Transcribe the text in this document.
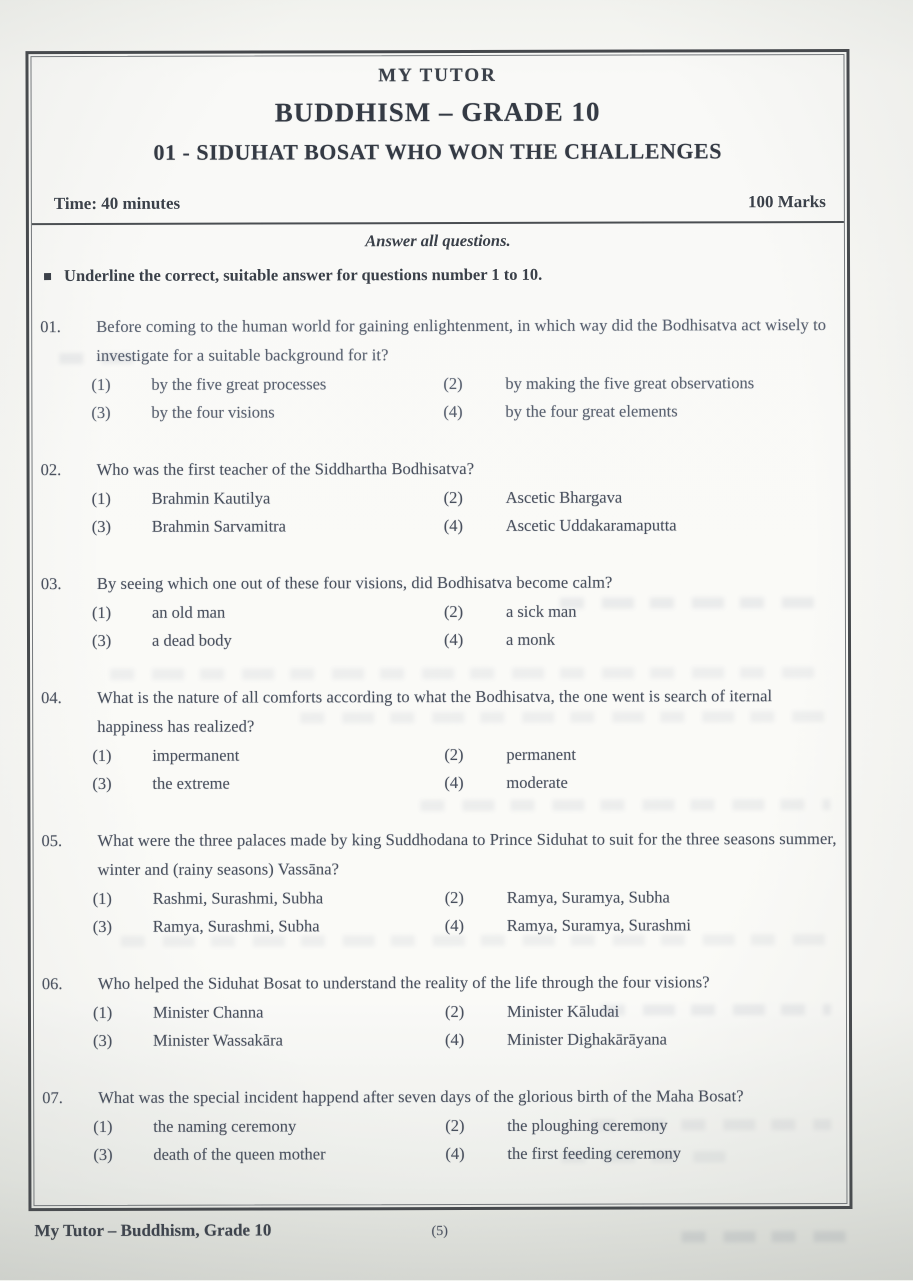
MY TUTOR
BUDDHISM – GRADE 10
01 - SIDUHAT BOSAT WHO WON THE CHALLENGES
Time: 40 minutes	100 Marks
Answer all questions.
Underline the correct, suitable answer for questions number 1 to 10.
01.	Before coming to the human world for gaining enlightenment, in which way did the Bodhisatva act wisely to investigate for a suitable background for it?
(1)	by the five great processes	(2)	by making the five great observations
(3)	by the four visions	(4)	by the four great elements
02.	Who was the first teacher of the Siddhartha Bodhisatva?
(1)	Brahmin Kautilya	(2)	Ascetic Bhargava
(3)	Brahmin Sarvamitra	(4)	Ascetic Uddakaramaputta
03.	By seeing which one out of these four visions, did Bodhisatva become calm?
(1)	an old man	(2)	a sick man
(3)	a dead body	(4)	a monk
04.	What is the nature of all comforts according to what the Bodhisatva, the one went is search of iternal happiness has realized?
(1)	impermanent	(2)	permanent
(3)	the extreme	(4)	moderate
05.	What were the three palaces made by king Suddhodana to Prince Siduhat to suit for the three seasons summer, winter and (rainy seasons) Vassāna?
(1)	Rashmi, Surashmi, Subha	(2)	Ramya, Suramya, Subha
(3)	Ramya, Surashmi, Subha	(4)	Ramya, Suramya, Surashmi
06.	Who helped the Siduhat Bosat to understand the reality of the life through the four visions?
(1)	Minister Channa	(2)	Minister Kāludai
(3)	Minister Wassakāra	(4)	Minister Dighakārāyana
07.	What was the special incident happend after seven days of the glorious birth of the Maha Bosat?
(1)	the naming ceremony	(2)	the ploughing ceremony
(3)	death of the queen mother	(4)	the first feeding ceremony
My Tutor – Buddhism, Grade 10	(5)
